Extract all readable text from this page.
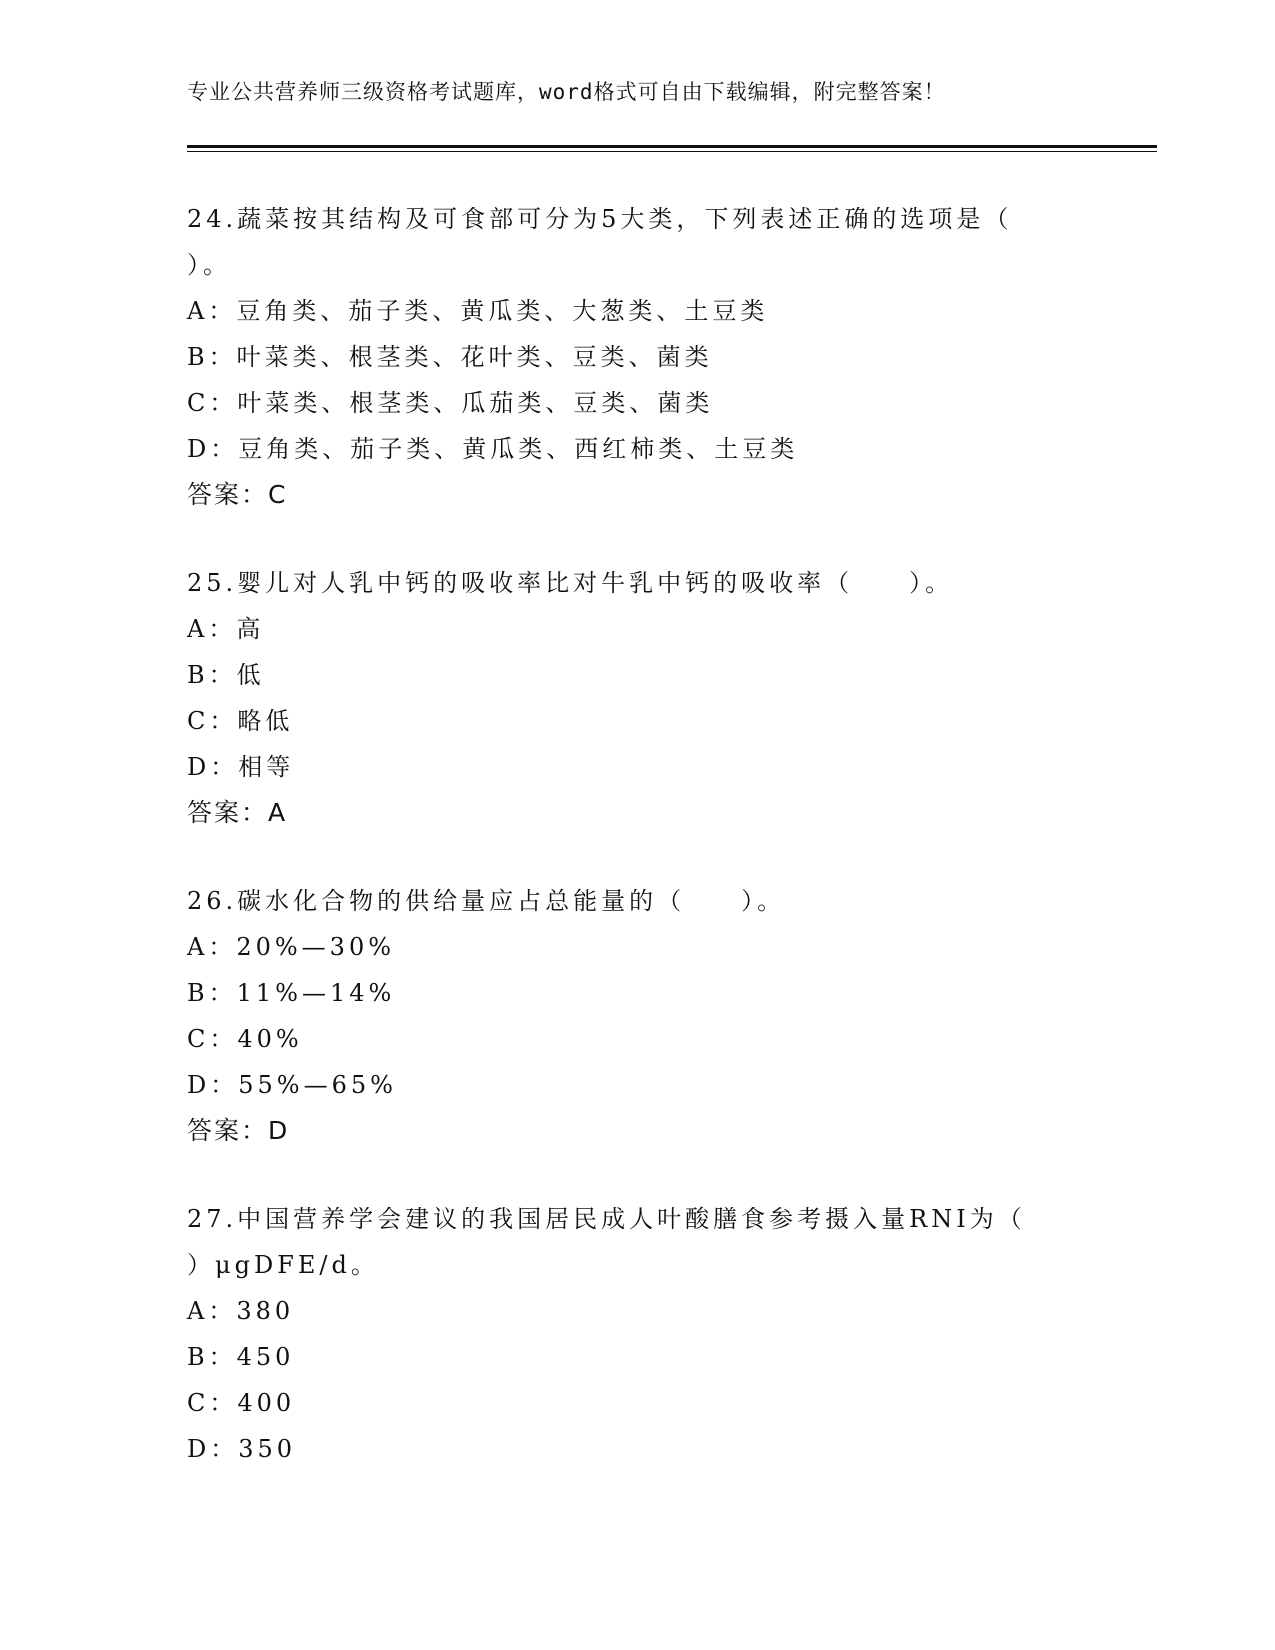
专业公共营养师三级资格考试题库，word格式可自由下载编辑，附完整答案！
24.蔬菜按其结构及可食部可分为5大类，下列表述正确的选项是（ ）。
A：豆角类、茄子类、黄瓜类、大葱类、土豆类
B：叶菜类、根茎类、花叶类、豆类、菌类
C：叶菜类、根茎类、瓜茄类、豆类、菌类
D：豆角类、茄子类、黄瓜类、西红柿类、土豆类
答案：C
25.婴儿对人乳中钙的吸收率比对牛乳中钙的吸收率（　　）。
A：高
B：低
C：略低
D：相等
答案：A
26.碳水化合物的供给量应占总能量的（　　）。
A：20%—30%
B：11%—14%
C：40%
D：55%—65%
答案：D
27.中国营养学会建议的我国居民成人叶酸膳食参考摄入量RNI为（ ）μgDFE/d。
A：380
B：450
C：400
D：350
